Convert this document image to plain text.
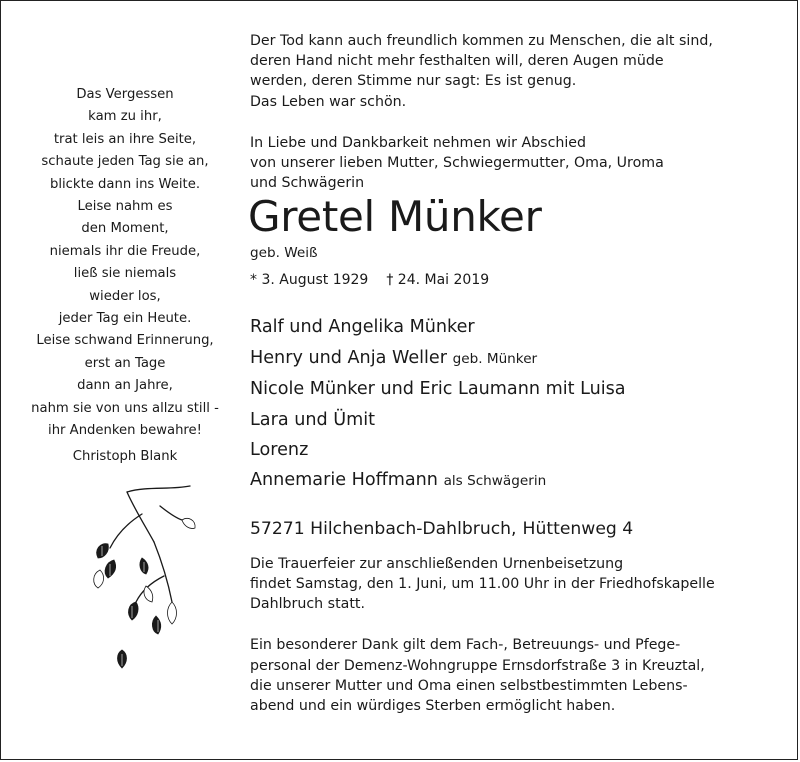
Das Vergessen
kam zu ihr,
trat leis an ihre Seite,
schaute jeden Tag sie an,
blickte dann ins Weite.
Leise nahm es
den Moment,
niemals ihr die Freude,
ließ sie niemals
wieder los,
jeder Tag ein Heute.
Leise schwand Erinnerung,
erst an Tage
dann an Jahre,
nahm sie von uns allzu still -
ihr Andenken bewahre!
Christoph Blank

Der Tod kann auch freundlich kommen zu Menschen, die alt sind,

deren Hand nicht mehr festhalten will, deren Augen müde

werden, deren Stimme nur sagt: Es ist genug.

Das Leben war schön.

In Liebe und Dankbarkeit nehmen wir Abschied

von unserer lieben Mutter, Schwiegermutter, Oma, Uroma

und Schwägerin

Gretel Münker
geb. Weiß
* 3. August 1929 † 24. Mai 2019
Ralf und Angelika Münker
Henry und Anja Weller geb. Münker
Nicole Münker und Eric Laumann mit Luisa
Lara und Ümit
Lorenz
Annemarie Hoffmann als Schwägerin
57271 Hilchenbach-Dahlbruch, Hüttenweg 4

Die Trauerfeier zur anschließenden Urnenbeisetzung

findet Samstag, den 1. Juni, um 11.00 Uhr in der Friedhofskapelle

Dahlbruch statt.

Ein besonderer Dank gilt dem Fach-, Betreuungs- und Pfege-

personal der Demenz-Wohngruppe Ernsdorfstraße 3 in Kreuztal,

die unserer Mutter und Oma einen selbstbestimmten Lebens-

abend und ein würdiges Sterben ermöglicht haben.
